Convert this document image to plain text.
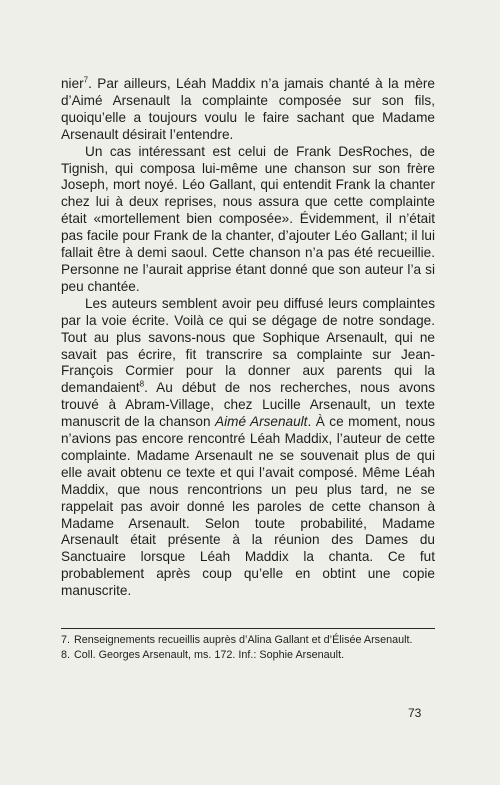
nier$^7$. Par ailleurs, Léah Maddix n’a jamais chanté à la mère d’Aimé Arsenault la complainte composée sur son fils, quoiqu’elle a toujours voulu le faire sachant que Madame Arsenault désirait l’entendre.

Un cas intéressant est celui de Frank DesRoches, de Tignish, qui composa lui-même une chanson sur son frère Joseph, mort noyé. Léo Gallant, qui entendit Frank la chanter chez lui à deux reprises, nous assura que cette complainte était «mortellement bien composée». Évidemment, il n’était pas facile pour Frank de la chanter, d’ajouter Léo Gallant; il lui fallait être à demi saoul. Cette chanson n’a pas été recueillie. Personne ne l’aurait apprise étant donné que son auteur l’a si peu chantée.

Les auteurs semblent avoir peu diffusé leurs complaintes par la voie écrite. Voilà ce qui se dégage de notre sondage. Tout au plus savons-nous que Sophique Arsenault, qui ne savait pas écrire, fit transcrire sa complainte sur Jean-François Cormier pour la donner aux parents qui la demandaient$^8$. Au début de nos recherches, nous avons trouvé à Abram-Village, chez Lucille Arsenault, un texte manuscrit de la chanson Aimé Arsenault. À ce moment, nous n’avions pas encore rencontré Léah Maddix, l’auteur de cette complainte. Madame Arsenault ne se souvenait plus de qui elle avait obtenu ce texte et qui l’avait composé. Même Léah Maddix, que nous rencontrions un peu plus tard, ne se rappelait pas avoir donné les paroles de cette chanson à Madame Arsenault. Selon toute probabilité, Madame Arsenault était présente à la réunion des Dames du Sanctuaire lorsque Léah Maddix la chanta. Ce fut probablement après coup qu’elle en obtint une copie manuscrite.

7. Renseignements recueillis auprès d’Alina Gallant et d’Élisée Arsenault.
8. Coll. Georges Arsenault, ms. 172. Inf.: Sophie Arsenault.
73
